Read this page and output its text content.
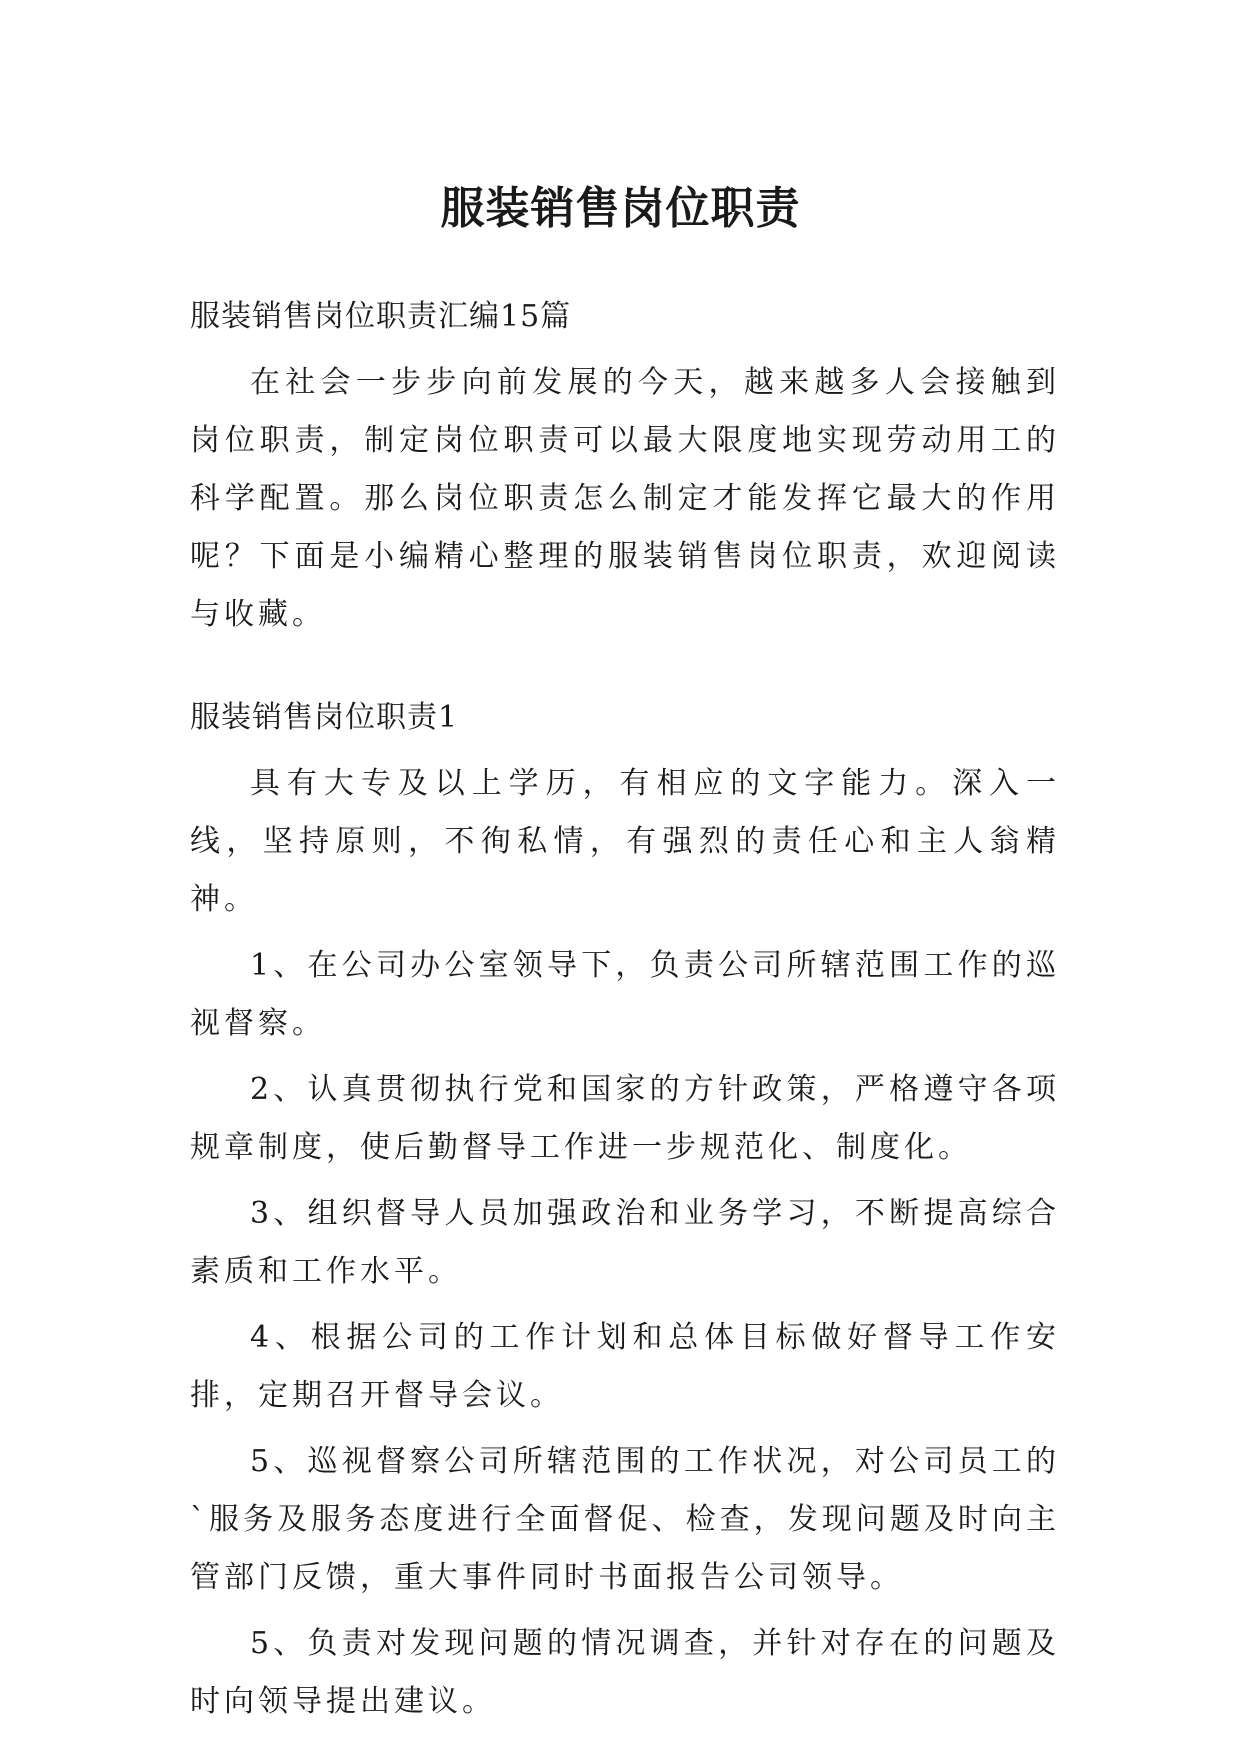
服装销售岗位职责

服装销售岗位职责汇编15篇

在社会一步步向前发展的今天，越来越多人会接触到岗位职责，制定岗位职责可以最大限度地实现劳动用工的科学配置。那么岗位职责怎么制定才能发挥它最大的作用呢？下面是小编精心整理的服装销售岗位职责，欢迎阅读与收藏。

服装销售岗位职责1

具有大专及以上学历，有相应的文字能力。深入一线，坚持原则，不徇私情，有强烈的责任心和主人翁精神。

1、在公司办公室领导下，负责公司所辖范围工作的巡视督察。

2、认真贯彻执行党和国家的方针政策，严格遵守各项规章制度，使后勤督导工作进一步规范化、制度化。

3、组织督导人员加强政治和业务学习，不断提高综合素质和工作水平。

4、根据公司的工作计划和总体目标做好督导工作安排，定期召开督导会议。

5、巡视督察公司所辖范围的工作状况，对公司员工的`服务及服务态度进行全面督促、检查，发现问题及时向主管部门反馈，重大事件同时书面报告公司领导。

5、负责对发现问题的情况调查，并针对存在的问题及时向领导提出建议。
